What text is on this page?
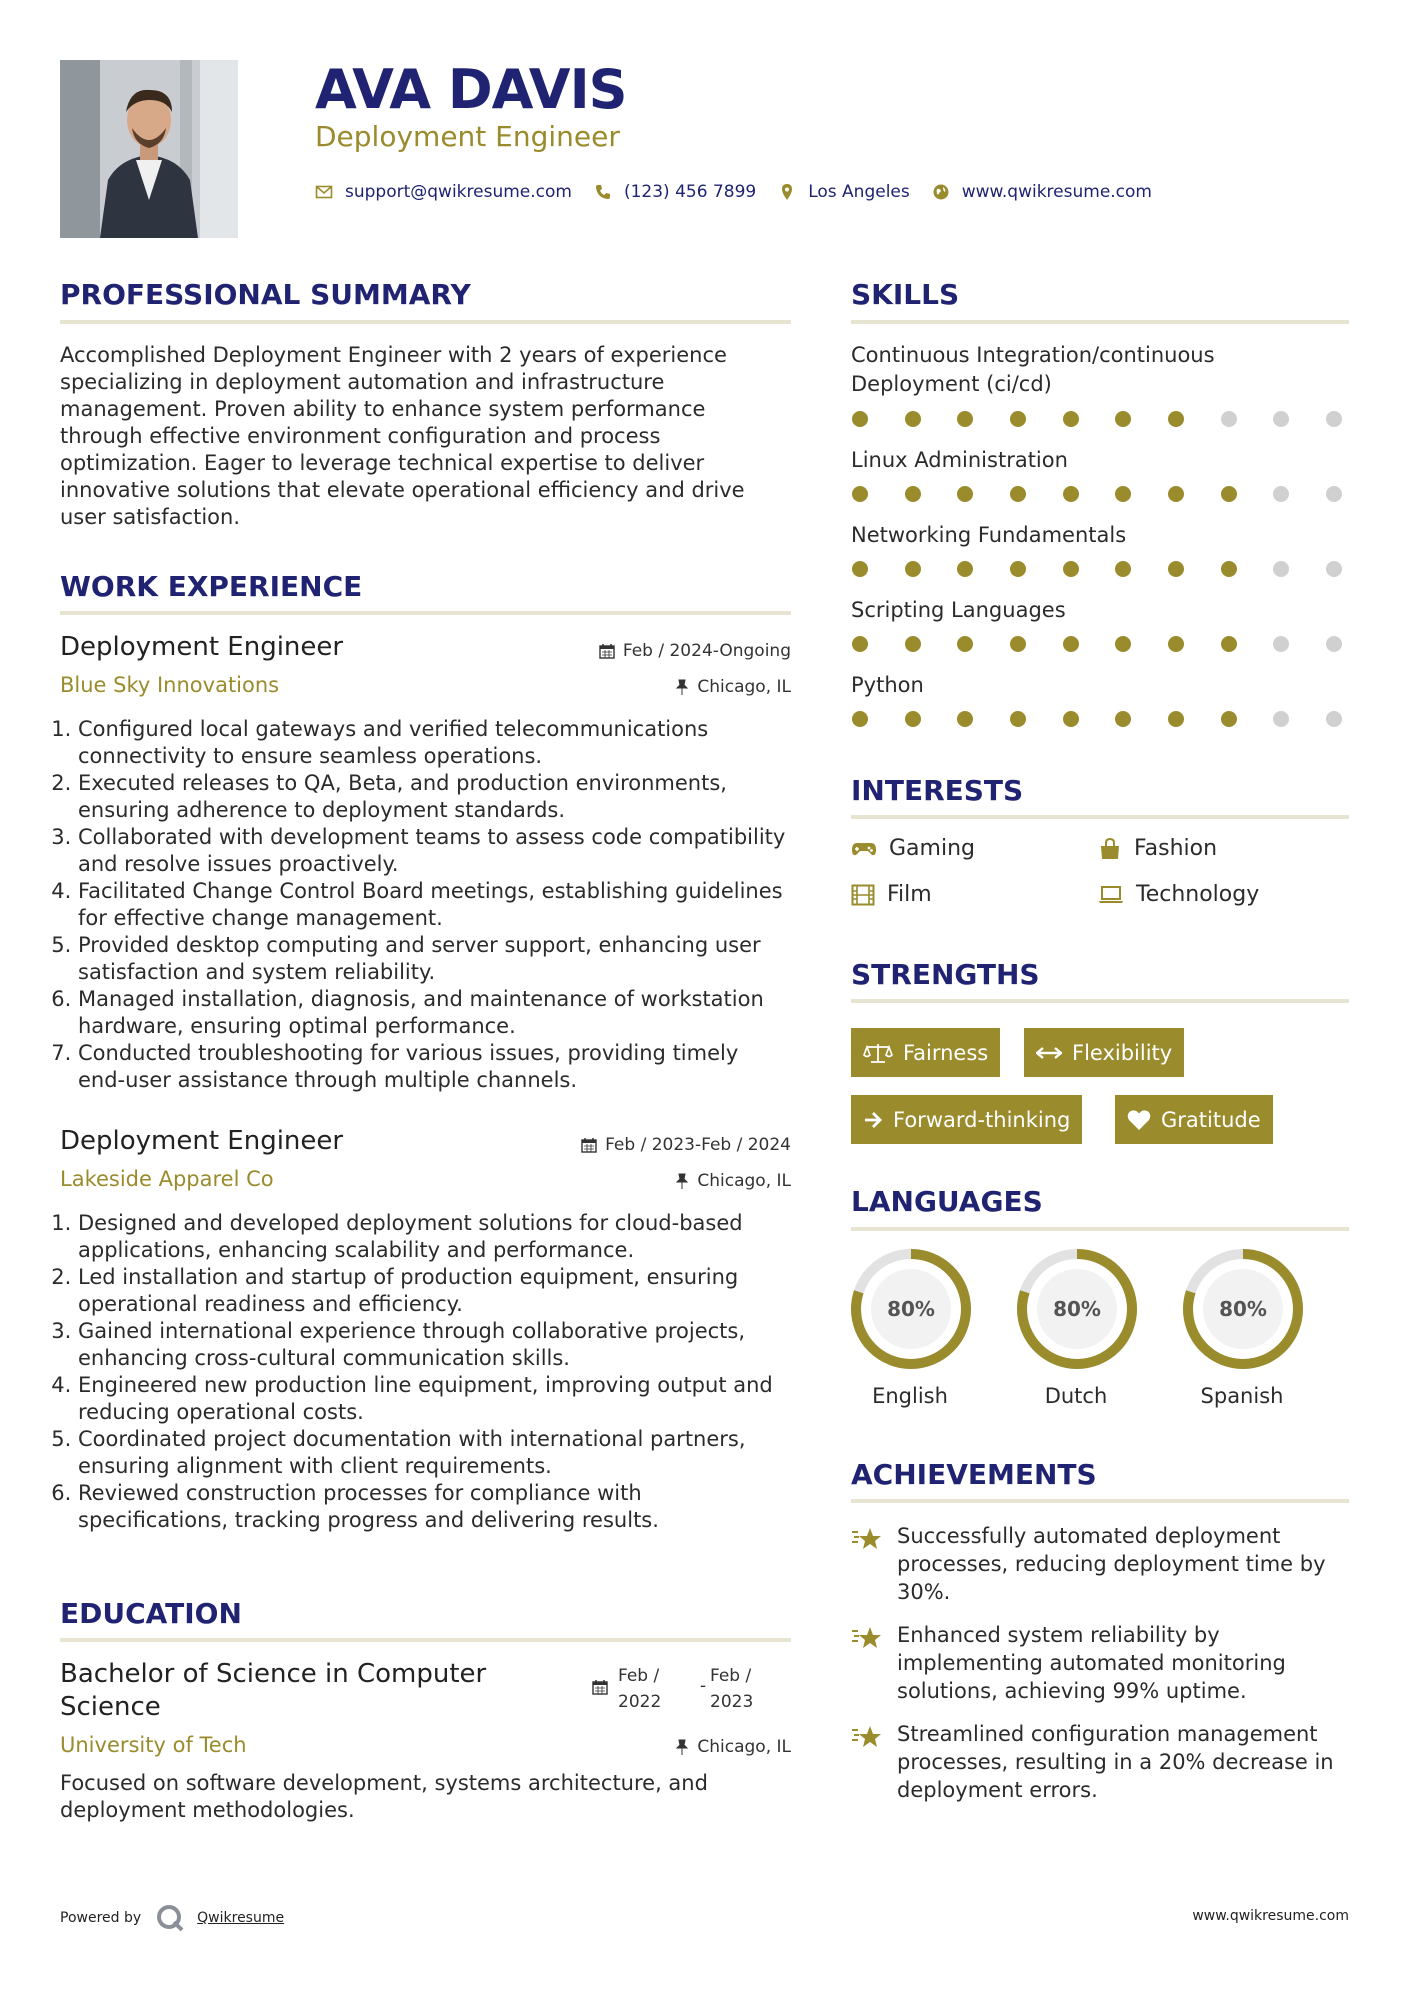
AVA DAVIS
Deployment Engineer
support@qwikresume.com	(123) 456 7899	Los Angeles	www.qwikresume.com
PROFESSIONAL SUMMARY
Accomplished Deployment Engineer with 2 years of experience specializing in deployment automation and infrastructure management. Proven ability to enhance system performance through effective environment configuration and process optimization. Eager to leverage technical expertise to deliver innovative solutions that elevate operational efficiency and drive user satisfaction.
WORK EXPERIENCE
Deployment Engineer	Feb / 2024-Ongoing
Blue Sky Innovations	Chicago, IL
1. Configured local gateways and verified telecommunications connectivity to ensure seamless operations.
2. Executed releases to QA, Beta, and production environments, ensuring adherence to deployment standards.
3. Collaborated with development teams to assess code compatibility and resolve issues proactively.
4. Facilitated Change Control Board meetings, establishing guidelines for effective change management.
5. Provided desktop computing and server support, enhancing user satisfaction and system reliability.
6. Managed installation, diagnosis, and maintenance of workstation hardware, ensuring optimal performance.
7. Conducted troubleshooting for various issues, providing timely end-user assistance through multiple channels.
Deployment Engineer	Feb / 2023-Feb / 2024
Lakeside Apparel Co	Chicago, IL
1. Designed and developed deployment solutions for cloud-based applications, enhancing scalability and performance.
2. Led installation and startup of production equipment, ensuring operational readiness and efficiency.
3. Gained international experience through collaborative projects, enhancing cross-cultural communication skills.
4. Engineered new production line equipment, improving output and reducing operational costs.
5. Coordinated project documentation with international partners, ensuring alignment with client requirements.
6. Reviewed construction processes for compliance with specifications, tracking progress and delivering results.
EDUCATION
Bachelor of Science in Computer Science
Feb /
2022
- Feb /
2023
University of Tech	Chicago, IL
Focused on software development, systems architecture, and deployment methodologies.
SKILLS
Continuous Integration/continuous Deployment (ci/cd)
Linux Administration
Networking Fundamentals
Scripting Languages
Python
INTERESTS
Gaming	Fashion
Film	Technology
STRENGTHS
Fairness	Flexibility
Forward-thinking	Gratitude
LANGUAGES
80%	80%	80%
English	Dutch	Spanish
ACHIEVEMENTS
Successfully automated deployment processes, reducing deployment time by 30%.
Enhanced system reliability by implementing automated monitoring solutions, achieving 99% uptime.
Streamlined configuration management processes, resulting in a 20% decrease in deployment errors.
Powered by	Qwikresume	www.qwikresume.com
